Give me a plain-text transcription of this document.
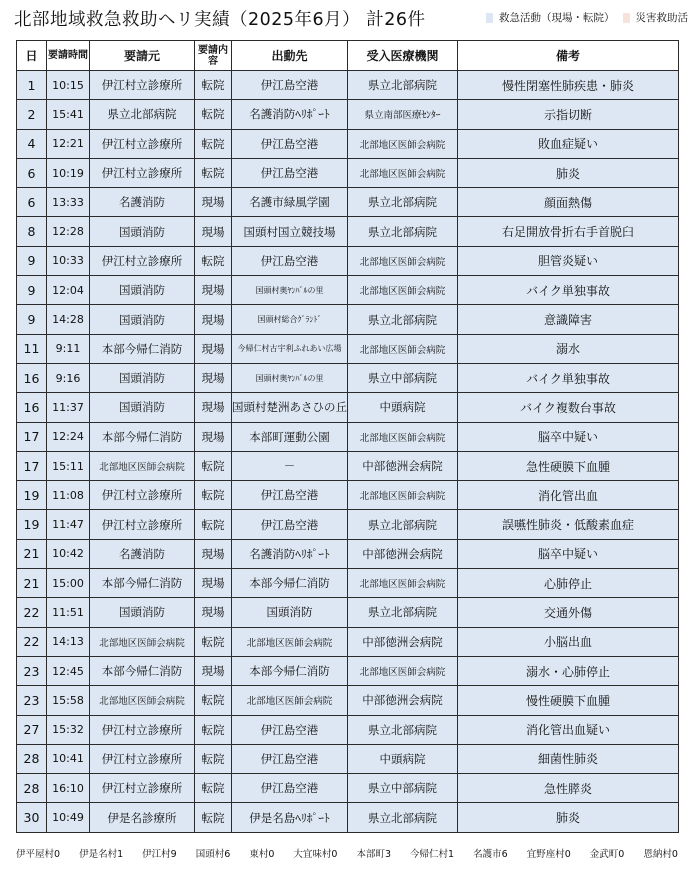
北部地域救急救助ヘリ実績（2025年6月） 計26件	救急活動（現場・転院） 災害救助活
日	要請時間	要請元	要請内容	出動先	受入医療機関	備考
1	10:15	伊江村立診療所	転院	伊江島空港	県立北部病院	慢性閉塞性肺疾患・肺炎
2	15:41	県立北部病院	転院	名護消防ﾍﾘﾎﾟｰﾄ	県立南部医療ｾﾝﾀｰ	示指切断
4	12:21	伊江村立診療所	転院	伊江島空港	北部地区医師会病院	敗血症疑い
6	10:19	伊江村立診療所	転院	伊江島空港	北部地区医師会病院	肺炎
6	13:33	名護消防	現場	名護市緑風学園	県立北部病院	顔面熱傷
8	12:28	国頭消防	現場	国頭村国立競技場	県立北部病院	右足開放骨折右手首脱臼
9	10:33	伊江村立診療所	転院	伊江島空港	北部地区医師会病院	胆管炎疑い
9	12:04	国頭消防	現場	国頭村奥ﾔﾝﾊﾞﾙの里	北部地区医師会病院	バイク単独事故
9	14:28	国頭消防	現場	国頭村総合ｸﾞﾗﾝﾄﾞ	県立北部病院	意識障害
11	9:11	本部今帰仁消防	現場	今帰仁村古宇利ふれあい広場	北部地区医師会病院	溺水
16	9:16	国頭消防	現場	国頭村奥ﾔﾝﾊﾞﾙの里	県立中部病院	バイク単独事故
16	11:37	国頭消防	現場	国頭村楚洲あさひの丘	中頭病院	バイク複数台事故
17	12:24	本部今帰仁消防	現場	本部町運動公園	北部地区医師会病院	脳卒中疑い
17	15:11	北部地区医師会病院	転院	－	中部徳洲会病院	急性硬膜下血腫
19	11:08	伊江村立診療所	転院	伊江島空港	北部地区医師会病院	消化管出血
19	11:47	伊江村立診療所	転院	伊江島空港	県立北部病院	誤嚥性肺炎・低酸素血症
21	10:42	名護消防	現場	名護消防ﾍﾘﾎﾟｰﾄ	中部徳洲会病院	脳卒中疑い
21	15:00	本部今帰仁消防	現場	本部今帰仁消防	北部地区医師会病院	心肺停止
22	11:51	国頭消防	現場	国頭消防	県立北部病院	交通外傷
22	14:13	北部地区医師会病院	転院	北部地区医師会病院	中部徳洲会病院	小脳出血
23	12:45	本部今帰仁消防	現場	本部今帰仁消防	北部地区医師会病院	溺水・心肺停止
23	15:58	北部地区医師会病院	転院	北部地区医師会病院	中部徳洲会病院	慢性硬膜下血腫
27	15:32	伊江村立診療所	転院	伊江島空港	県立北部病院	消化管出血疑い
28	10:41	伊江村立診療所	転院	伊江島空港	中頭病院	細菌性肺炎
28	16:10	伊江村立診療所	転院	伊江島空港	県立中部病院	急性膵炎
30	10:49	伊是名診療所	転院	伊是名島ﾍﾘﾎﾟｰﾄ	県立北部病院	肺炎
伊平屋村0 伊是名村1 伊江村9 国頭村6 東村0 大宜味村0 本部町3 今帰仁村1 名護市6 宜野座村0 金武町0 恩納村0
